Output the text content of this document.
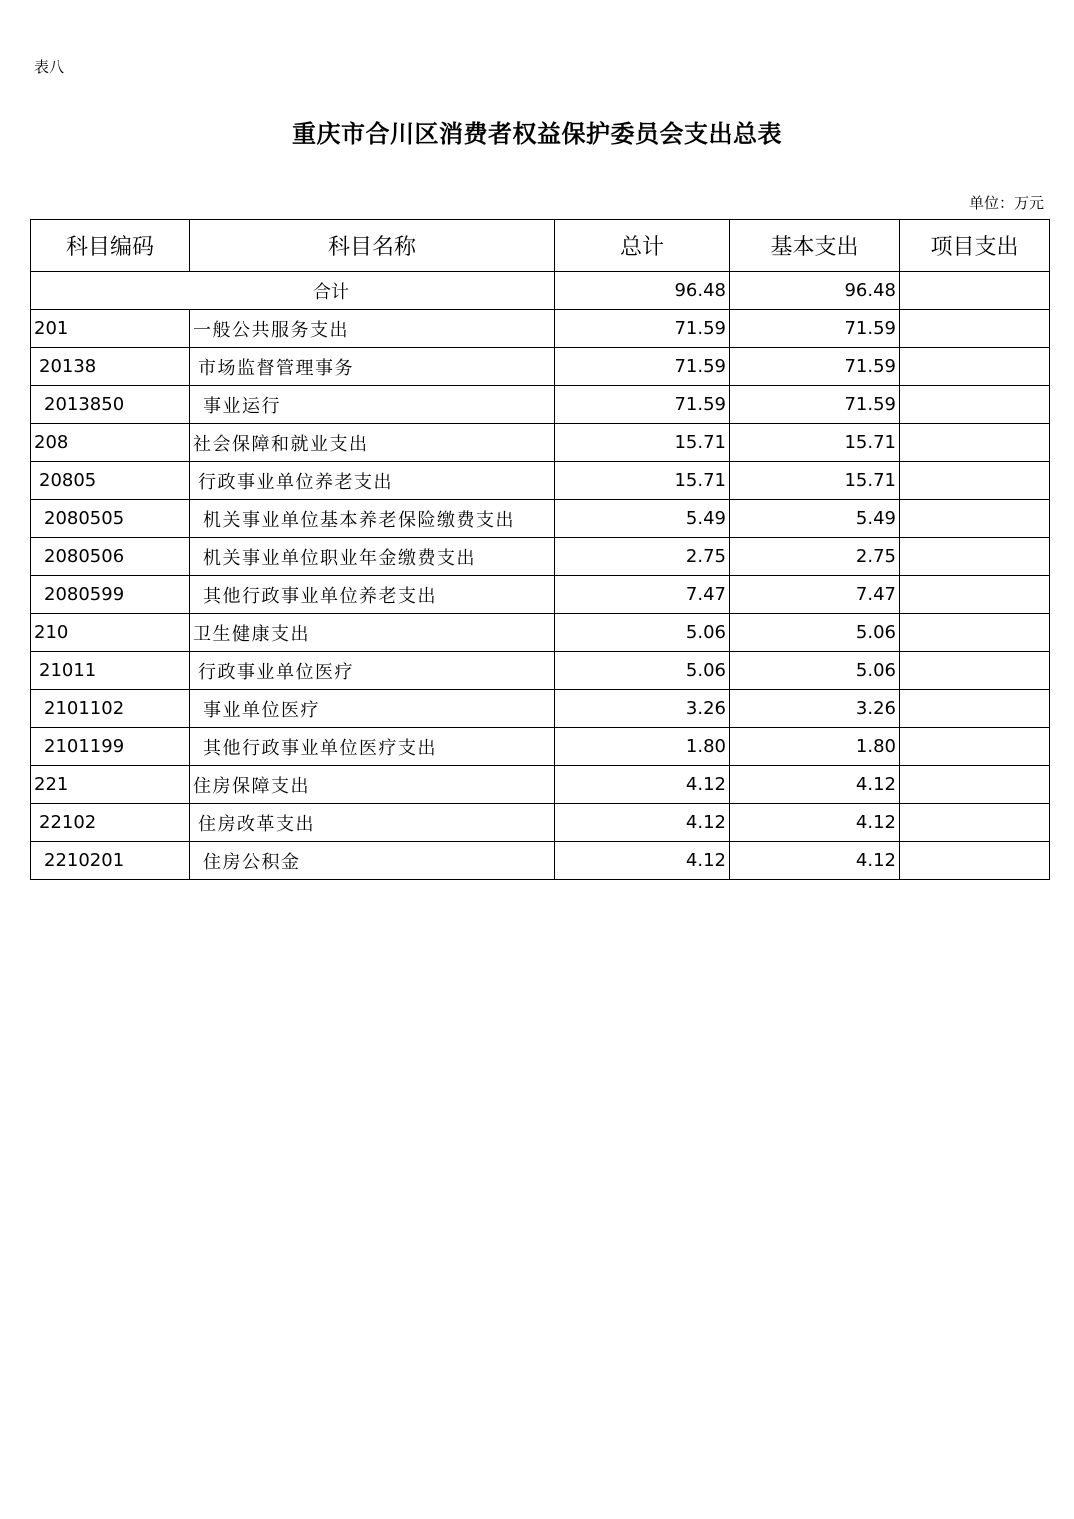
表八
重庆市合川区消费者权益保护委员会支出总表
单位：万元
科目编码	科目名称	总计	基本支出	项目支出
合计		96.48	96.48	
201	一般公共服务支出	71.59	71.59	
20138	市场监督管理事务	71.59	71.59	
2013850	事业运行	71.59	71.59	
208	社会保障和就业支出	15.71	15.71	
20805	行政事业单位养老支出	15.71	15.71	
2080505	机关事业单位基本养老保险缴费支出	5.49	5.49	
2080506	机关事业单位职业年金缴费支出	2.75	2.75	
2080599	其他行政事业单位养老支出	7.47	7.47	
210	卫生健康支出	5.06	5.06	
21011	行政事业单位医疗	5.06	5.06	
2101102	事业单位医疗	3.26	3.26	
2101199	其他行政事业单位医疗支出	1.80	1.80	
221	住房保障支出	4.12	4.12	
22102	住房改革支出	4.12	4.12	
2210201	住房公积金	4.12	4.12	
